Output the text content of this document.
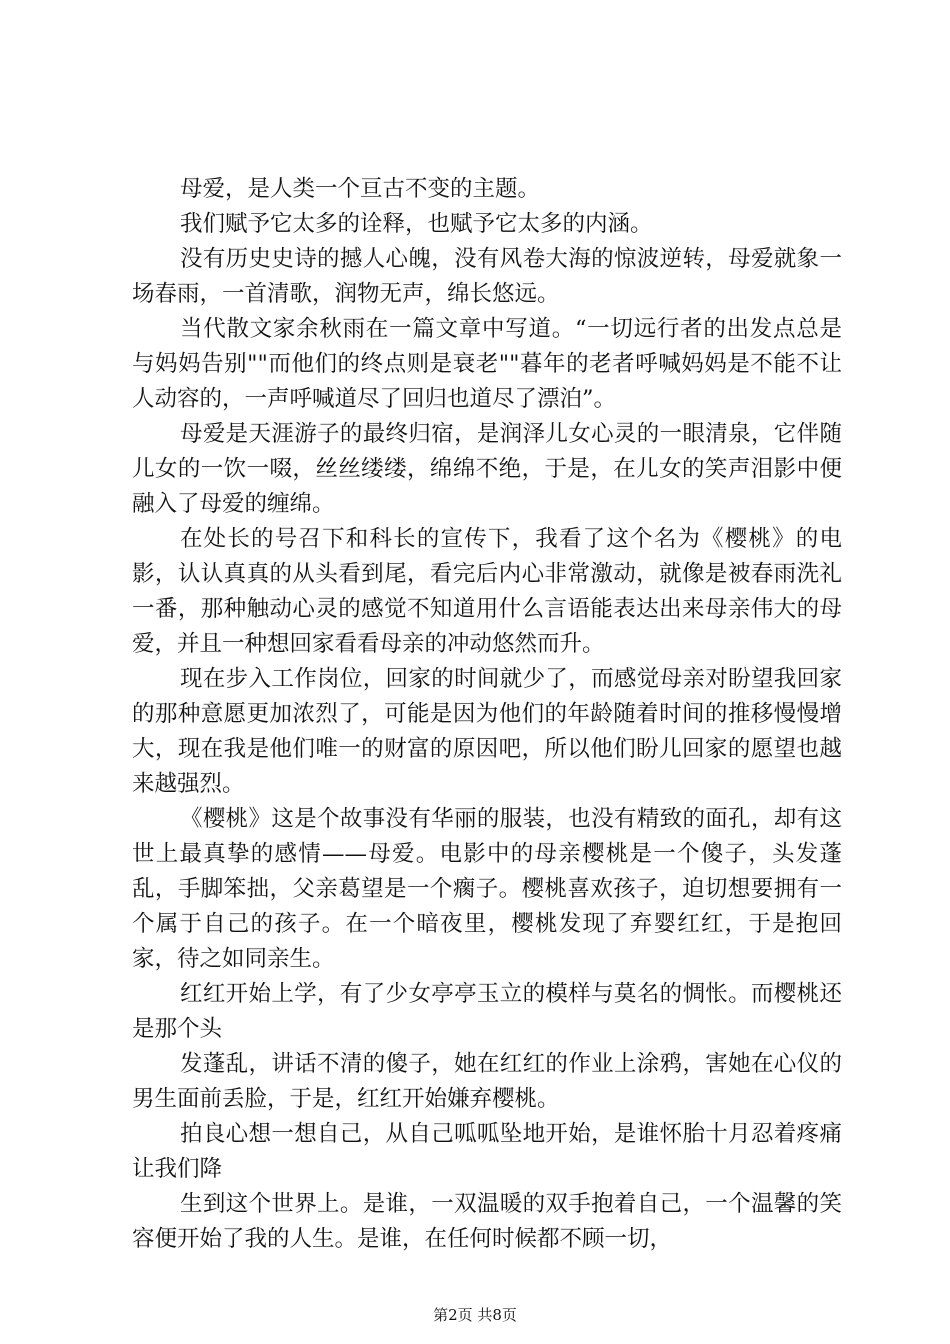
母爱，是人类一个亘古不变的主题。

我们赋予它太多的诠释，也赋予它太多的内涵。

没有历史史诗的撼人心魄，没有风卷大海的惊波逆转，母爱就象一场春雨，一首清歌，润物无声，绵长悠远。

当代散文家余秋雨在一篇文章中写道。“一切远行者的出发点总是与妈妈告别""而他们的终点则是衰老""暮年的老者呼喊妈妈是不能不让人动容的，一声呼喊道尽了回归也道尽了漂泊”。

母爱是天涯游子的最终归宿，是润泽儿女心灵的一眼清泉，它伴随儿女的一饮一啜，丝丝缕缕，绵绵不绝，于是，在儿女的笑声泪影中便融入了母爱的缠绵。

在处长的号召下和科长的宣传下，我看了这个名为《樱桃》的电影，认认真真的从头看到尾，看完后内心非常激动，就像是被春雨洗礼一番，那种触动心灵的感觉不知道用什么言语能表达出来母亲伟大的母爱，并且一种想回家看看母亲的冲动悠然而升。

现在步入工作岗位，回家的时间就少了，而感觉母亲对盼望我回家的那种意愿更加浓烈了，可能是因为他们的年龄随着时间的推移慢慢增大，现在我是他们唯一的财富的原因吧，所以他们盼儿回家的愿望也越来越强烈。

《樱桃》这是个故事没有华丽的服装，也没有精致的面孔，却有这世上最真挚的感情——母爱。电影中的母亲樱桃是一个傻子，头发蓬乱，手脚笨拙，父亲葛望是一个瘸子。樱桃喜欢孩子，迫切想要拥有一个属于自己的孩子。在一个暗夜里，樱桃发现了弃婴红红，于是抱回家，待之如同亲生。

红红开始上学，有了少女亭亭玉立的模样与莫名的惆怅。而樱桃还是那个头

发蓬乱，讲话不清的傻子，她在红红的作业上涂鸦，害她在心仪的男生面前丢脸，于是，红红开始嫌弃樱桃。

拍良心想一想自己，从自己呱呱坠地开始，是谁怀胎十月忍着疼痛让我们降

生到这个世界上。是谁，一双温暖的双手抱着自己，一个温馨的笑容便开始了我的人生。是谁，在任何时候都不顾一切，

第2页 共8页
